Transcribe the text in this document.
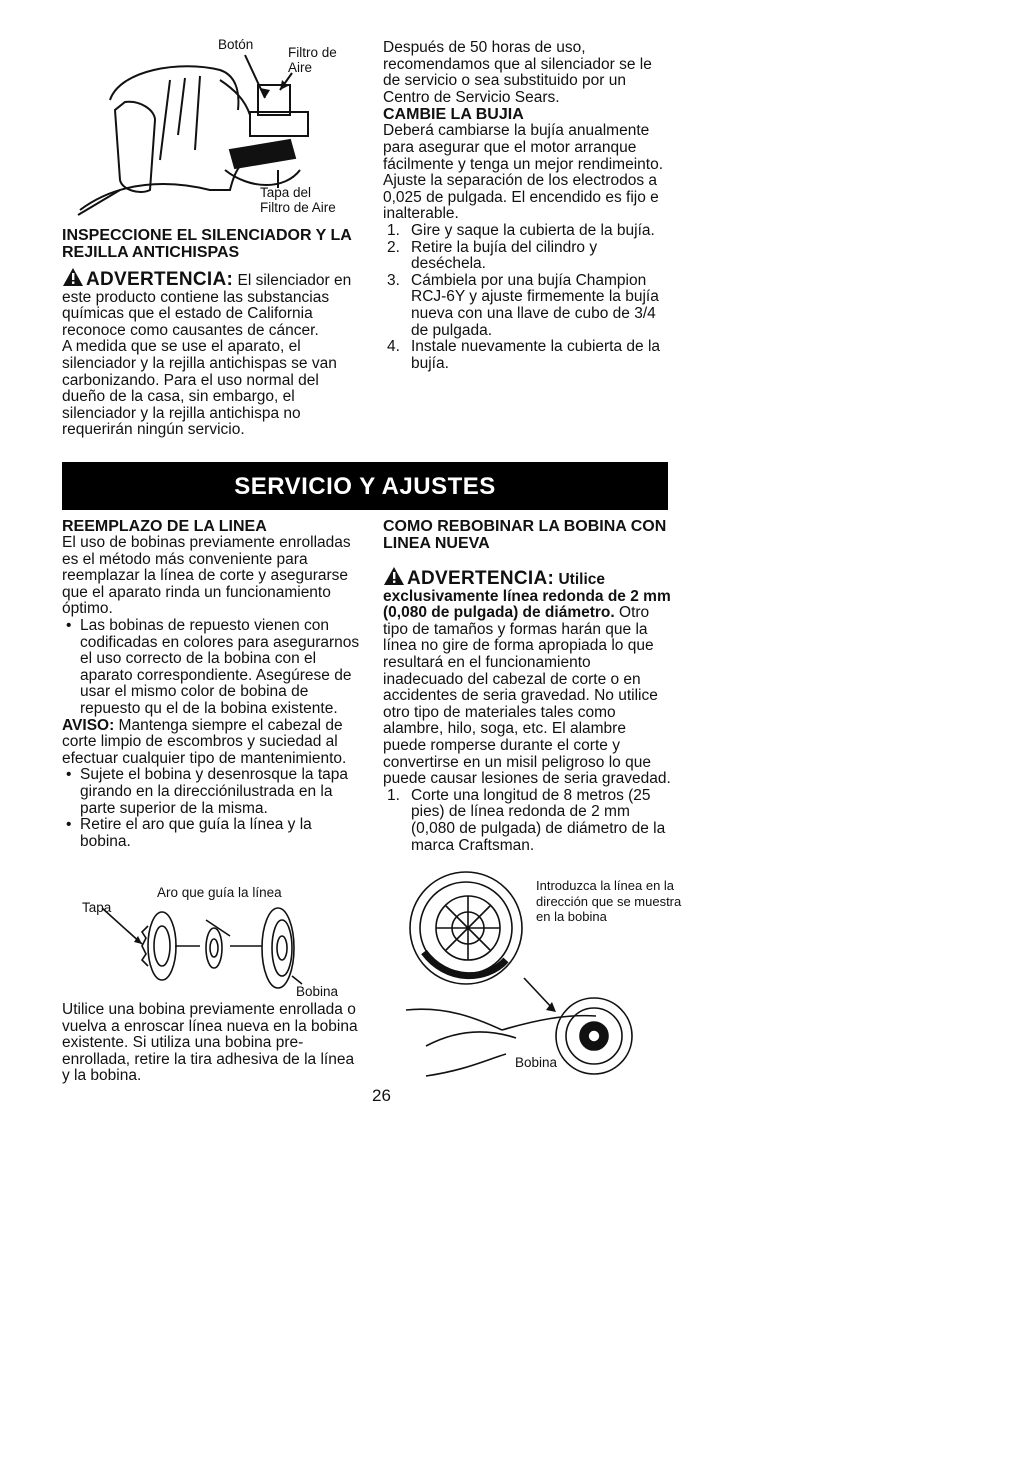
Botón
Filtro de
Aire
Tapa del
Filtro de Aire

INSPECCIONE EL SILENCIADOR Y LA REJILLA ANTICHISPAS

ADVERTENCIA: El silenciador en este producto contiene las substancias químicas que el estado de California reconoce como causantes de cáncer.

A medida que se use el aparato, el silenciador y la rejilla antichispas se van carbonizando. Para el uso normal del dueño de la casa, sin embargo, el silenciador y la rejilla antichispa no requerirán ningún servicio.

Después de 50 horas de uso, recomendamos que al silenciador se le de servicio o sea substituido por un Centro de Servicio Sears.

CAMBIE LA BUJIA

Deberá cambiarse la bujía anualmente para asegurar que el motor arranque fácilmente y tenga un mejor rendimeinto. Ajuste la separación de los electrodos a 0,025 de pulgada. El encendido es fijo e inalterable.

1. Gire y saque la cubierta de la bujía.
2. Retire la bujía del cilindro y deséchela.
3. Cámbiela por una bujía Champion RCJ-6Y y ajuste firmemente la bujía nueva con una llave de cubo de 3/4 de pulgada.
4. Instale nuevamente la cubierta de la bujía.
SERVICIO Y AJUSTES

REEMPLAZO DE LA LINEA

El uso de bobinas previamente enrolladas es el método más conveniente para reemplazar la línea de corte y asegurarse que el aparato rinda un funcionamiento óptimo.

• Las bobinas de repuesto vienen con codificadas en colores para asegurarnos el uso correcto de la bobina con el aparato correspondiente. Asegúrese de usar el mismo color de bobina de repuesto qu el de la bobina existente.

AVISO: Mantenga siempre el cabezal de corte limpio de escombros y suciedad al efectuar cualquier tipo de mantenimiento.

• Sujete el bobina y desenrosque la tapa girando en la direcciónilustrada en la parte superior de la misma.
• Retire el aro que guía la línea y la bobina.
Aro que guía la línea
Tapa
Bobina

Utilice una bobina previamente enrollada o vuelva a enroscar línea nueva en la bobina existente. Si utiliza una bobina pre-enrollada, retire la tira adhesiva de la línea y la bobina.

COMO REBOBINAR LA BOBINA CON LINEA NUEVA

ADVERTENCIA: Utilice exclusivamente línea redonda de 2 mm (0,080 de pulgada) de diámetro. Otro tipo de tamaños y formas harán que la línea no gire de forma apropiada lo que resultará en el funcionamiento inadecuado del cabezal de corte o en accidentes de seria gravedad. No utilice otro tipo de materiales tales como alambre, hilo, soga, etc. El alambre puede romperse durante el corte y convertirse en un misil peligroso lo que puede causar lesiones de seria gravedad.

1. Corte una longitud de 8 metros (25 pies) de línea redonda de 2 mm (0,080 de pulgada) de diámetro de la marca Craftsman.
Introduzca la línea en la dirección que se muestra en la bobina
Bobina
26
